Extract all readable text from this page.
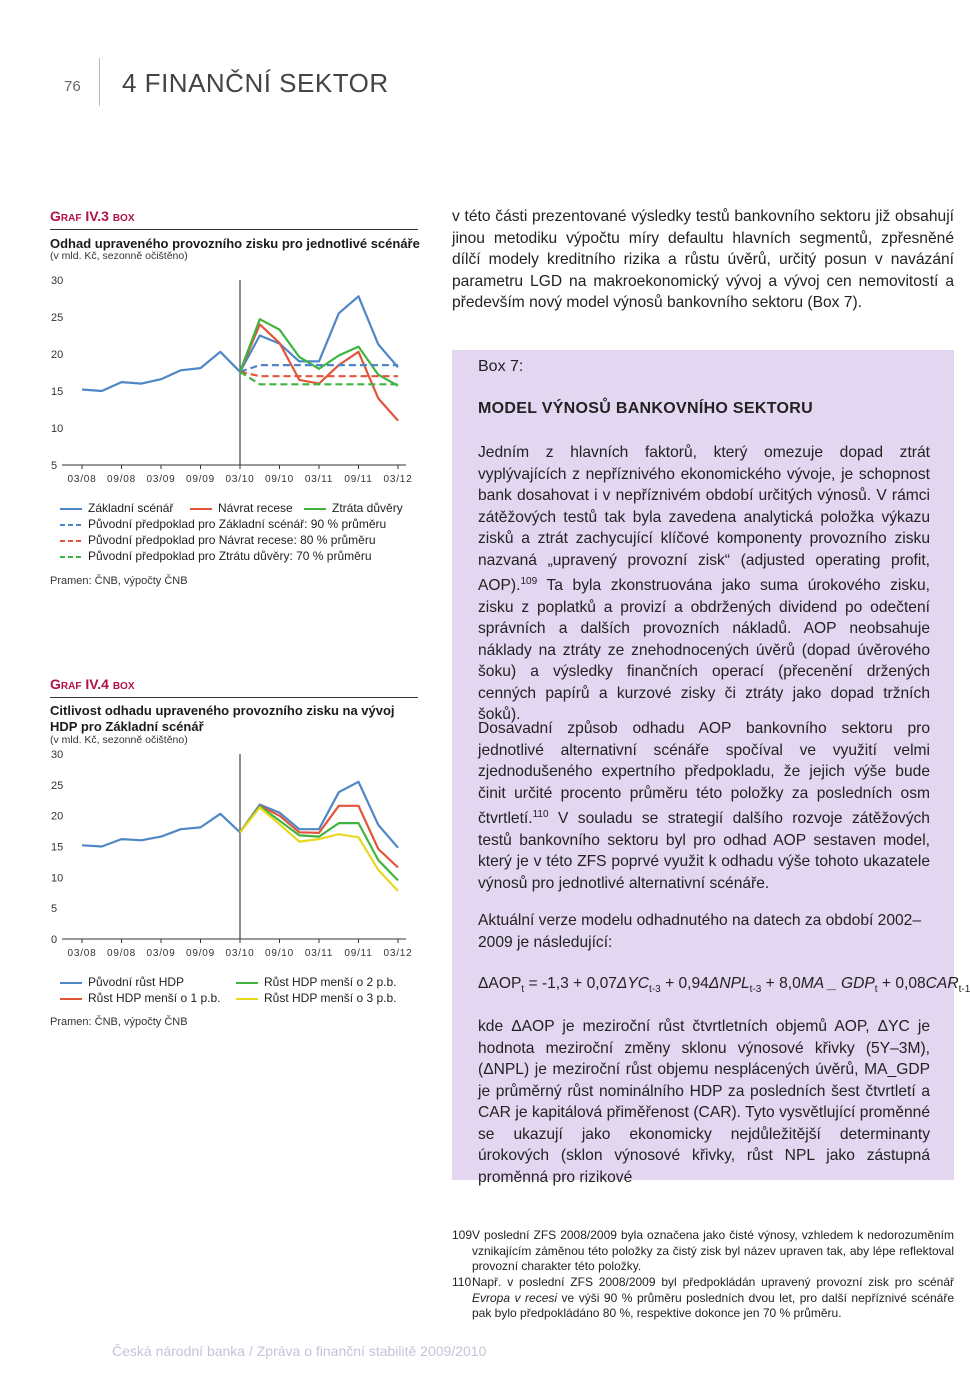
76 4 FINANČNÍ SEKTOR
Graf IV.3 box
Odhad upraveného provozního zisku pro jednotlivé scénáře
(v mld. Kč, sezonně očištěno)
30
25
20
15
10
5
03/08 09/08 03/09 09/09 03/10 09/10 03/11 09/11 03/12
Základní scénář	Návrat recese	Ztráta důvěry
Původní předpoklad pro Základní scénář: 90 % průměru
Původní předpoklad pro Návrat recese: 80 % průměru
Původní předpoklad pro Ztrátu důvěry: 70 % průměru
Pramen: ČNB, výpočty ČNB
Graf IV.4 box
Citlivost odhadu upraveného provozního zisku na vývoj HDP pro Základní scénář
(v mld. Kč, sezonně očištěno)
30
25
20
15
10
5
0
03/08 09/08 03/09 09/09 03/10 09/10 03/11 09/11 03/12
Původní růst HDP	Růst HDP menší o 2 p.b.
Růst HDP menší o 1 p.b.	Růst HDP menší o 3 p.b.
Pramen: ČNB, výpočty ČNB
v této části prezentované výsledky testů bankovního sektoru již obsahují jinou metodiku výpočtu míry defaultu hlavních segmentů, zpřesněné dílčí modely kreditního rizika a růstu úvěrů, určitý posun v navázání parametru LGD na makroekonomický vývoj a vývoj cen nemovitostí a především nový model výnosů bankovního sektoru (Box 7).
Box 7:
MODEL VÝNOSŮ BANKOVNÍHO SEKTORU
Jedním z hlavních faktorů, který omezuje dopad ztrát vyplývajících z nepříznivého ekonomického vývoje, je schopnost bank dosahovat i v nepříznivém období určitých výnosů. V rámci zátěžových testů tak byla zavedena analytická položka výkazu zisků a ztrát zachycující klíčové komponenty provozního zisku nazvaná „upravený provozní zisk“ (adjusted operating profit, AOP).$^{109}$ Ta byla zkonstruována jako suma úrokového zisku, zisku z poplatků a provizí a obdržených dividend po odečtení správních a dalších provozních nákladů. AOP neobsahuje náklady na ztráty ze znehodnocených úvěrů (dopad úvěrového šoku) a výsledky finančních operací (přecenění držených cenných papírů a kurzové zisky či ztráty jako dopad tržních šoků).
Dosavadní způsob odhadu AOP bankovního sektoru pro jednotlivé alternativní scénáře spočíval ve využití velmi zjednodušeného expertního předpokladu, že jejich výše bude činit určité procento průměru této položky za posledních osm čtvrtletí.$^{110}$ V souladu se strategií dalšího rozvoje zátěžových testů bankovního sektoru byl pro odhad AOP sestaven model, který je v této ZFS poprvé využit k odhadu výše tohoto ukazatele výnosů pro jednotlivé alternativní scénáře.
Aktuální verze modelu odhadnutého na datech za období 2002–2009 je následující:
$\Delta AOP_t = -1,3 + 0,07\Delta YC_{t-3} + 0,94\Delta NPL_{t-3} + 8,0MA$ _ $GDP_t + 0,08CAR_{t-1}$
kde ΔAOP je meziroční růst čtvrtletních objemů AOP, ΔYC je hodnota meziroční změny sklonu výnosové křivky (5Y–3M), (ΔNPL) je meziroční růst objemu nesplácených úvěrů, MA_GDP je průměrný růst nominálního HDP za posledních šest čtvrtletí a CAR je kapitálová přiměřenost (CAR). Tyto vysvětlující proměnné se ukazují jako ekonomicky nejdůležitější determinanty úrokových (sklon výnosové křivky, růst NPL jako zástupná proměnná pro rizikové
109 V poslední ZFS 2008/2009 byla označena jako čisté výnosy, vzhledem k nedorozuměním vznikajícím záměnou této položky za čistý zisk byl název upraven tak, aby lépe reflektoval provozní charakter této položky.
110 Např. v poslední ZFS 2008/2009 byl předpokládán upravený provozní zisk pro scénář Evropa v recesi ve výši 90 % průměru posledních dvou let, pro další nepříznivé scénáře pak bylo předpokládáno 80 %, respektive dokonce jen 70 % průměru.
Česká národní banka / Zpráva o finanční stabilitě 2009/2010
